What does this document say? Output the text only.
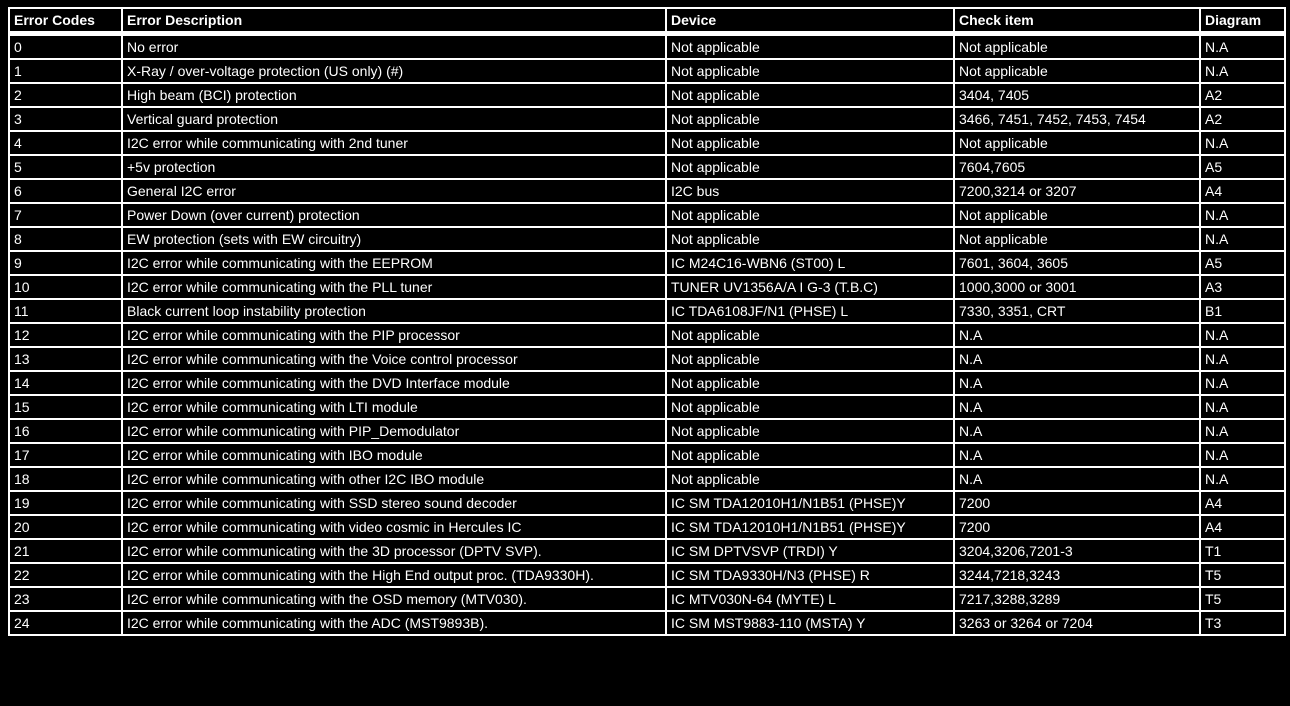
Error Codes	Error Description	Device	Check item	Diagram
0	No error	Not applicable	Not applicable	N.A
1	X-Ray / over-voltage protection (US only) (#)	Not applicable	Not applicable	N.A
2	High beam (BCI) protection	Not applicable	3404, 7405	A2
3	Vertical guard protection	Not applicable	3466, 7451, 7452, 7453, 7454	A2
4	I2C error while communicating with 2nd tuner	Not applicable	Not applicable	N.A
5	+5v protection	Not applicable	7604,7605	A5
6	General I2C error	I2C bus	7200,3214 or 3207	A4
7	Power Down (over current) protection	Not applicable	Not applicable	N.A
8	EW protection (sets with EW circuitry)	Not applicable	Not applicable	N.A
9	I2C error while communicating with the EEPROM	IC M24C16-WBN6 (ST00) L	7601, 3604, 3605	A5
10	I2C error while communicating with the PLL tuner	TUNER UV1356A/A I G-3 (T.B.C)	1000,3000 or 3001	A3
11	Black current loop instability protection	IC TDA6108JF/N1 (PHSE) L	7330, 3351, CRT	B1
12	I2C error while communicating with the PIP processor	Not applicable	N.A	N.A
13	I2C error while communicating with the Voice control processor	Not applicable	N.A	N.A
14	I2C error while communicating with the DVD Interface module	Not applicable	N.A	N.A
15	I2C error while communicating with LTI module	Not applicable	N.A	N.A
16	I2C error while communicating with PIP_Demodulator	Not applicable	N.A	N.A
17	I2C error while communicating with IBO module	Not applicable	N.A	N.A
18	I2C error while communicating with other I2C IBO module	Not applicable	N.A	N.A
19	I2C error while communicating with SSD stereo sound decoder	IC SM TDA12010H1/N1B51 (PHSE)Y	7200	A4
20	I2C error while communicating with video cosmic in Hercules IC	IC SM TDA12010H1/N1B51 (PHSE)Y	7200	A4
21	I2C error while communicating with the 3D processor (DPTV SVP).	IC SM DPTVSVP (TRDI) Y	3204,3206,7201-3	T1
22	I2C error while communicating with the High End output proc. (TDA9330H).	IC SM TDA9330H/N3 (PHSE) R	3244,7218,3243	T5
23	I2C error while communicating with the OSD memory (MTV030).	IC MTV030N-64 (MYTE) L	7217,3288,3289	T5
24	I2C error while communicating with the ADC (MST9893B).	IC SM MST9883-110 (MSTA) Y	3263 or 3264 or 7204	T3
